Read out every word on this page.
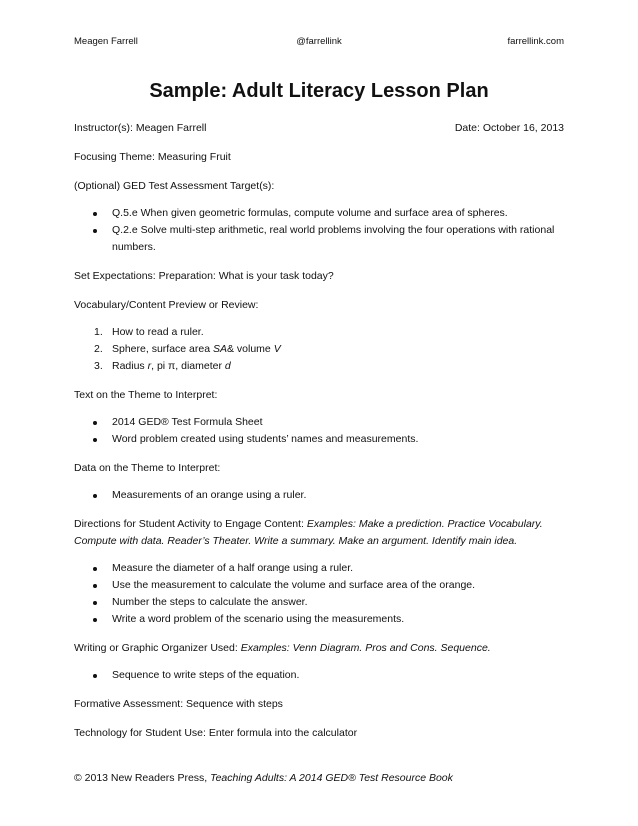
Meagen Farrell	@farrellink	farrellink.com
Sample: Adult Literacy Lesson Plan
Instructor(s): Meagen Farrell	Date: October 16, 2013
Focusing Theme: Measuring Fruit
(Optional) GED Test Assessment Target(s):
Q.5.e When given geometric formulas, compute volume and surface area of spheres.
Q.2.e Solve multi-step arithmetic, real world problems involving the four operations with rational numbers.
Set Expectations: Preparation: What is your task today?
Vocabulary/Content Preview or Review:
1. How to read a ruler.
2. Sphere, surface area SA& volume V
3. Radius r, pi π, diameter d
Text on the Theme to Interpret:
2014 GED® Test Formula Sheet
Word problem created using students’ names and measurements.
Data on the Theme to Interpret:
Measurements of an orange using a ruler.
Directions for Student Activity to Engage Content: Examples: Make a prediction. Practice Vocabulary. Compute with data. Reader’s Theater. Write a summary. Make an argument. Identify main idea.
Measure the diameter of a half orange using a ruler.
Use the measurement to calculate the volume and surface area of the orange.
Number the steps to calculate the answer.
Write a word problem of the scenario using the measurements.
Writing or Graphic Organizer Used: Examples: Venn Diagram. Pros and Cons. Sequence.
Sequence to write steps of the equation.
Formative Assessment: Sequence with steps
Technology for Student Use: Enter formula into the calculator
© 2013 New Readers Press, Teaching Adults: A 2014 GED® Test Resource Book
